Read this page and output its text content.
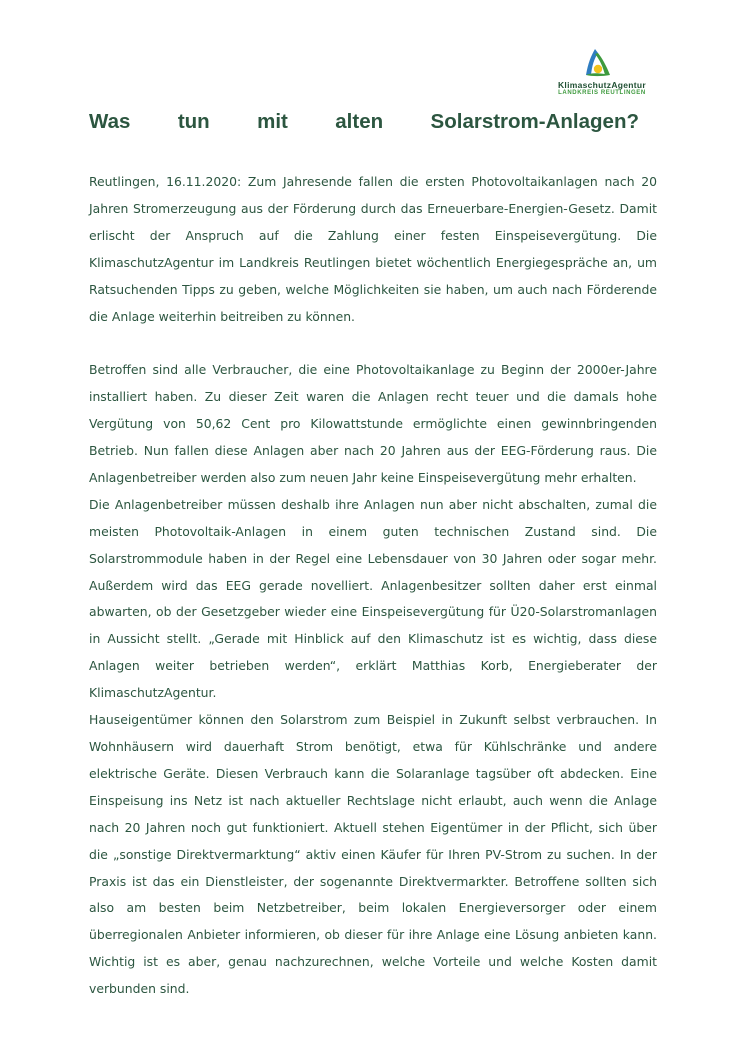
KlimaschutzAgentur
LANDKREIS REUTLINGEN
Was tun mit alten Solarstrom-Anlagen?

Reutlingen, 16.11.2020: Zum Jahresende fallen die ersten Photovoltaikanlagen nach 20 Jahren Stromerzeugung aus der Förderung durch das Erneuerbare-Energien-Gesetz. Damit erlischt der Anspruch auf die Zahlung einer festen Einspeisevergütung. Die KlimaschutzAgentur im Landkreis Reutlingen bietet wöchentlich Energiegespräche an, um Ratsuchenden Tipps zu geben, welche Möglichkeiten sie haben, um auch nach Förderende die Anlage weiterhin beitreiben zu können.

Betroffen sind alle Verbraucher, die eine Photovoltaikanlage zu Beginn der 2000er-Jahre installiert haben. Zu dieser Zeit waren die Anlagen recht teuer und die damals hohe Vergütung von 50,62 Cent pro Kilowattstunde ermöglichte einen gewinnbringenden Betrieb. Nun fallen diese Anlagen aber nach 20 Jahren aus der EEG-Förderung raus. Die Anlagenbetreiber werden also zum neuen Jahr keine Einspeisevergütung mehr erhalten.

Die Anlagenbetreiber müssen deshalb ihre Anlagen nun aber nicht abschalten, zumal die meisten Photovoltaik-Anlagen in einem guten technischen Zustand sind. Die Solarstrommodule haben in der Regel eine Lebensdauer von 30 Jahren oder sogar mehr. Außerdem wird das EEG gerade novelliert. Anlagenbesitzer sollten daher erst einmal abwarten, ob der Gesetzgeber wieder eine Einspeisevergütung für Ü20-Solarstromanlagen in Aussicht stellt. „Gerade mit Hinblick auf den Klimaschutz ist es wichtig, dass diese Anlagen weiter betrieben werden“, erklärt Matthias Korb, Energieberater der KlimaschutzAgentur.

Hauseigentümer können den Solarstrom zum Beispiel in Zukunft selbst verbrauchen. In Wohnhäusern wird dauerhaft Strom benötigt, etwa für Kühlschränke und andere elektrische Geräte. Diesen Verbrauch kann die Solaranlage tagsüber oft abdecken. Eine Einspeisung ins Netz ist nach aktueller Rechtslage nicht erlaubt, auch wenn die Anlage nach 20 Jahren noch gut funktioniert. Aktuell stehen Eigentümer in der Pflicht, sich über die „sonstige Direktvermarktung“ aktiv einen Käufer für Ihren PV-Strom zu suchen. In der Praxis ist das ein Dienstleister, der sogenannte Direktvermarkter. Betroffene sollten sich also am besten beim Netzbetreiber, beim lokalen Energieversorger oder einem überregionalen Anbieter informieren, ob dieser für ihre Anlage eine Lösung anbieten kann. Wichtig ist es aber, genau nachzurechnen, welche Vorteile und welche Kosten damit verbunden sind.
